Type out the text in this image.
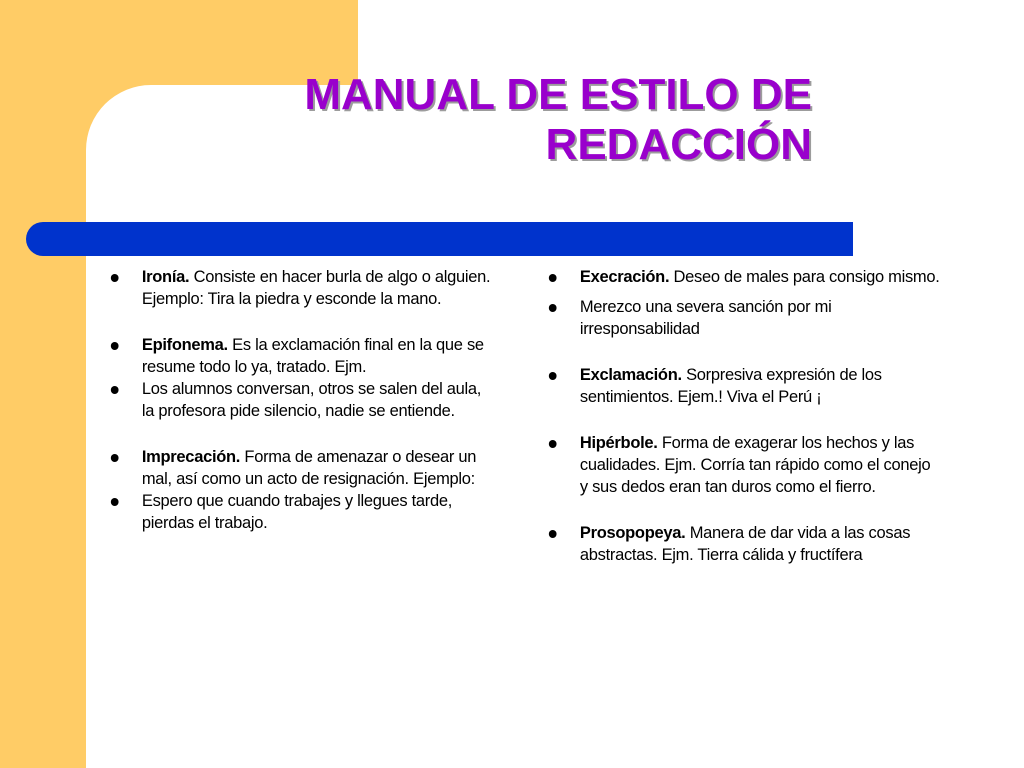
MANUAL DE ESTILO DE
REDACCIÓN
Ironía. Consiste en hacer burla de algo o alguien. Ejemplo: Tira la piedra y esconde la mano.
Epifonema. Es la exclamación final en la que se resume todo lo ya, tratado. Ejm.
Los alumnos conversan, otros se salen del aula, la profesora pide silencio, nadie se entiende.
Imprecación. Forma de amenazar o desear un mal, así como un acto de resignación. Ejemplo:
Espero que cuando trabajes y llegues tarde, pierdas el trabajo.
Execración. Deseo de males para consigo mismo.
Merezco una severa sanción por mi irresponsabilidad
Exclamación. Sorpresiva expresión de los sentimientos. Ejem.! Viva el Perú ¡
Hipérbole. Forma de exagerar los hechos y las cualidades. Ejm. Corría tan rápido como el conejo y sus dedos eran tan duros como el fierro.
Prosopopeya. Manera de dar vida a las cosas abstractas. Ejm. Tierra cálida y fructífera
